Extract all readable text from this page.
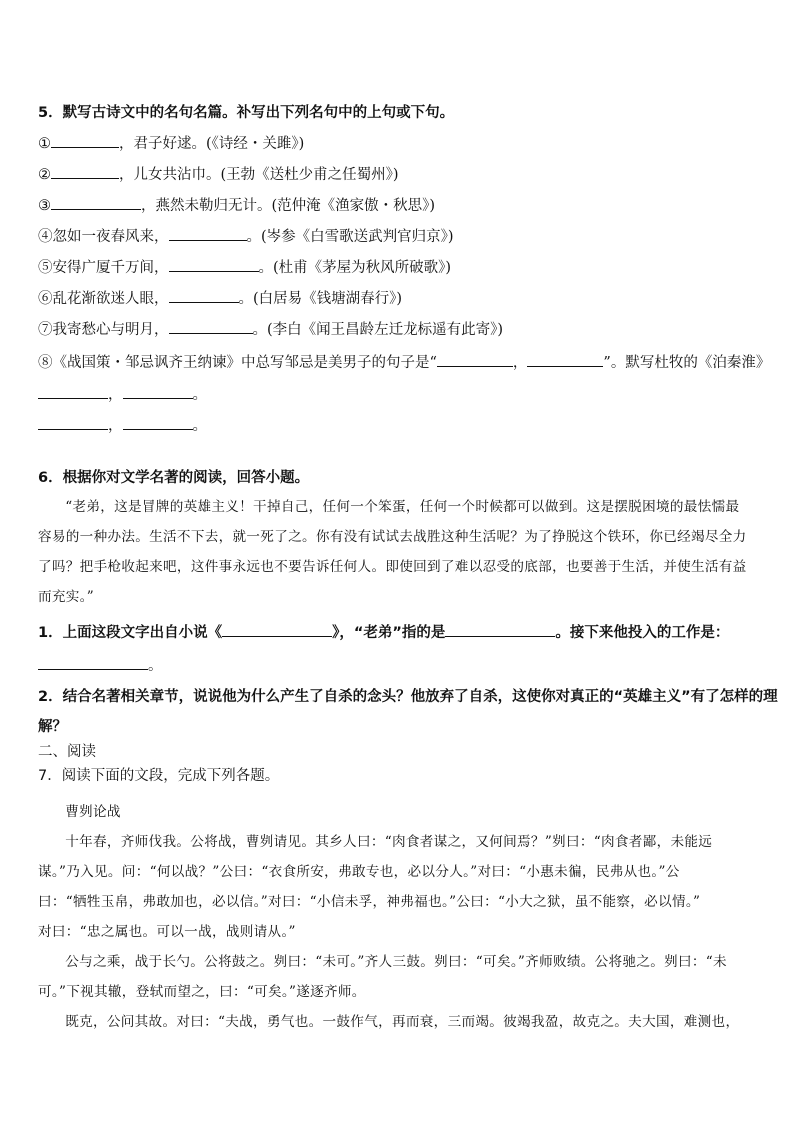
5．默写古诗文中的名句名篇。补写出下列名句中的上句或下句。
①	，君子好逑。(《诗经・关雎》)
②	，儿女共沾巾。(王勃《送杜少甫之任蜀州》)
③	，燕然未勒归无计。(范仲淹《渔家傲・秋思》)
④忽如一夜春风来，	。(岑参《白雪歌送武判官归京》)
⑤安得广厦千万间，	。(杜甫《茅屋为秋风所破歌》)
⑥乱花渐欲迷人眼，	。(白居易《钱塘湖春行》)
⑦我寄愁心与明月，	。(李白《闻王昌龄左迁龙标遥有此寄》)
⑧《战国策・邹忌讽齐王纳谏》中总写邹忌是美男子的句子是“	，	”。默写杜牧的《泊秦淮》
，	。
，	。
6．根据你对文学名著的阅读，回答小题。

“老弟，这是冒牌的英雄主义！干掉自己，任何一个笨蛋，任何一个时候都可以做到。这是摆脱困境的最怯懦最

容易的一种办法。生活不下去，就一死了之。你有没有试试去战胜这种生活呢？为了挣脱这个铁环，你已经竭尽全力

了吗？把手枪收起来吧，这件事永远也不要告诉任何人。即使回到了难以忍受的底部，也要善于生活，并使生活有益

而充实。”

1．上面这段文字出自小说《	》，“老弟”指的是	。接下来他投入的工作是：
。
2．结合名著相关章节，说说他为什么产生了自杀的念头？他放弃了自杀，这使你对真正的“英雄主义”有了怎样的理
解？
二、阅读
7．阅读下面的文段，完成下列各题。

曹刿论战

十年春，齐师伐我。公将战，曹刿请见。其乡人曰：“肉食者谋之，又何间焉？”刿曰：“肉食者鄙，未能远

谋。”乃入见。问：“何以战？”公曰：“衣食所安，弗敢专也，必以分人。”对曰：“小惠未徧，民弗从也。”公

曰：“牺牲玉帛，弗敢加也，必以信。”对曰：“小信未孚，神弗福也。”公曰：“小大之狱，虽不能察，必以情。”

对曰：“忠之属也。可以一战，战则请从。”

公与之乘，战于长勺。公将鼓之。刿曰：“未可。”齐人三鼓。刿曰：“可矣。”齐师败绩。公将驰之。刿曰：“未

可。”下视其辙，登轼而望之，曰：“可矣。”遂逐齐师。

既克，公问其故。对曰：“夫战，勇气也。一鼓作气，再而衰，三而竭。彼竭我盈，故克之。夫大国，难测也，
